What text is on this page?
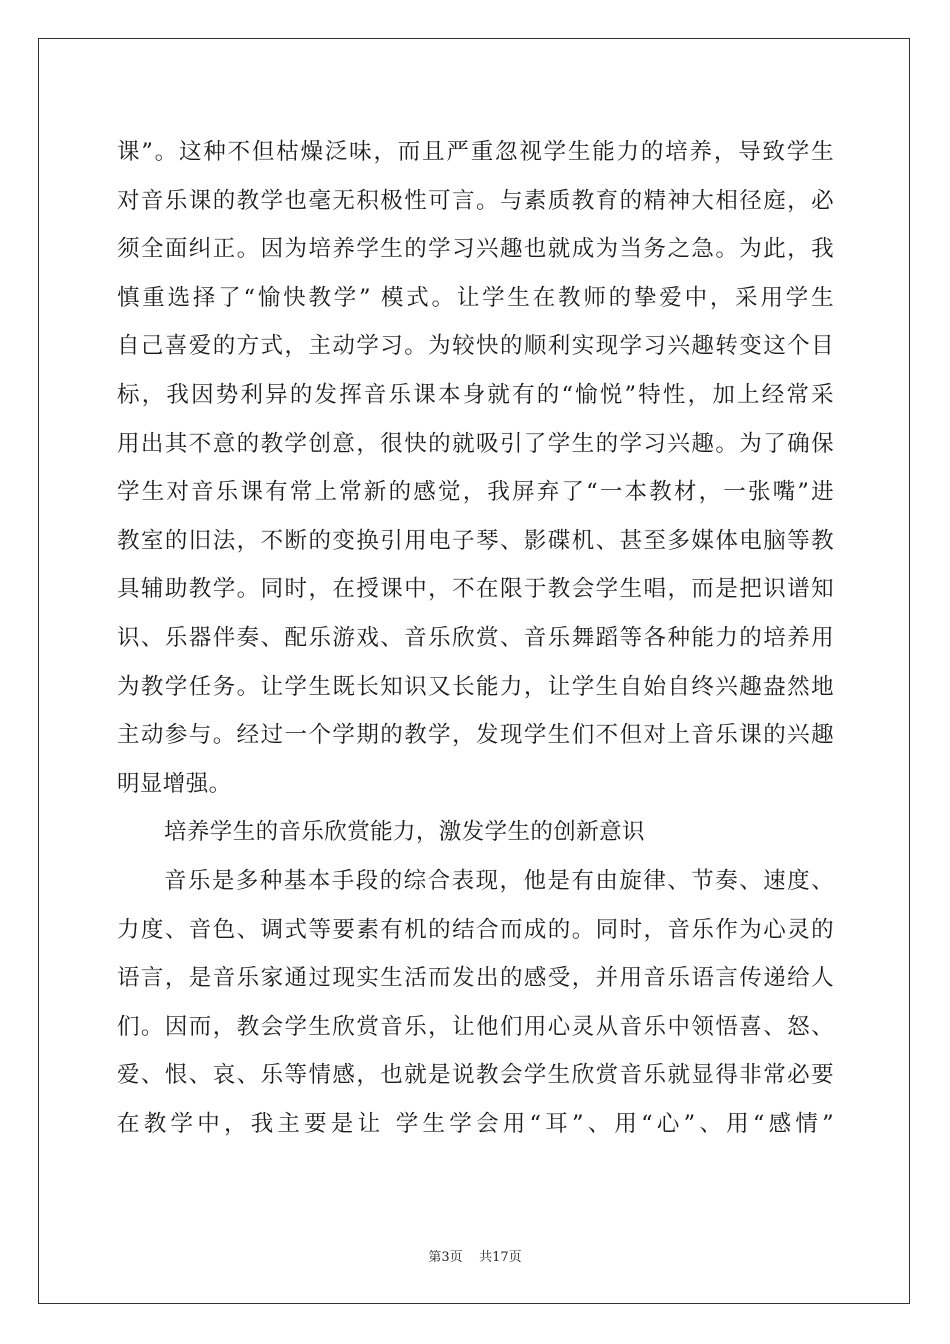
课”。这种不但枯燥泛味，而且严重忽视学生能力的培养，导致学生
对音乐课的教学也毫无积极性可言。与素质教育的精神大相径庭，必
须全面纠正。因为培养学生的学习兴趣也就成为当务之急。为此，我
慎重选择了“愉快教学” 模式。让学生在教师的挚爱中，采用学生
自己喜爱的方式，主动学习。为较快的顺利实现学习兴趣转变这个目
标，我因势利异的发挥音乐课本身就有的“愉悦”特性，加上经常采
用出其不意的教学创意，很快的就吸引了学生的学习兴趣。为了确保
学生对音乐课有常上常新的感觉，我屏弃了“一本教材，一张嘴”进
教室的旧法，不断的变换引用电子琴、影碟机、甚至多媒体电脑等教
具辅助教学。同时，在授课中，不在限于教会学生唱，而是把识谱知
识、乐器伴奏、配乐游戏、音乐欣赏、音乐舞蹈等各种能力的培养用
为教学任务。让学生既长知识又长能力，让学生自始自终兴趣盎然地
主动参与。经过一个学期的教学，发现学生们不但对上音乐课的兴趣
明显增强。
培养学生的音乐欣赏能力，激发学生的创新意识
音乐是多种基本手段的综合表现，他是有由旋律、节奏、速度、
力度、音色、调式等要素有机的结合而成的。同时，音乐作为心灵的
语言，是音乐家通过现实生活而发出的感受，并用音乐语言传递给人
们。因而，教会学生欣赏音乐，让他们用心灵从音乐中领悟喜、怒、
爱、恨、哀、乐等情感，也就是说教会学生欣赏音乐就显得非常必要
在教学中，我主要是让 学生学会用“耳”、用“心”、用“感情”
第3页 共17页
